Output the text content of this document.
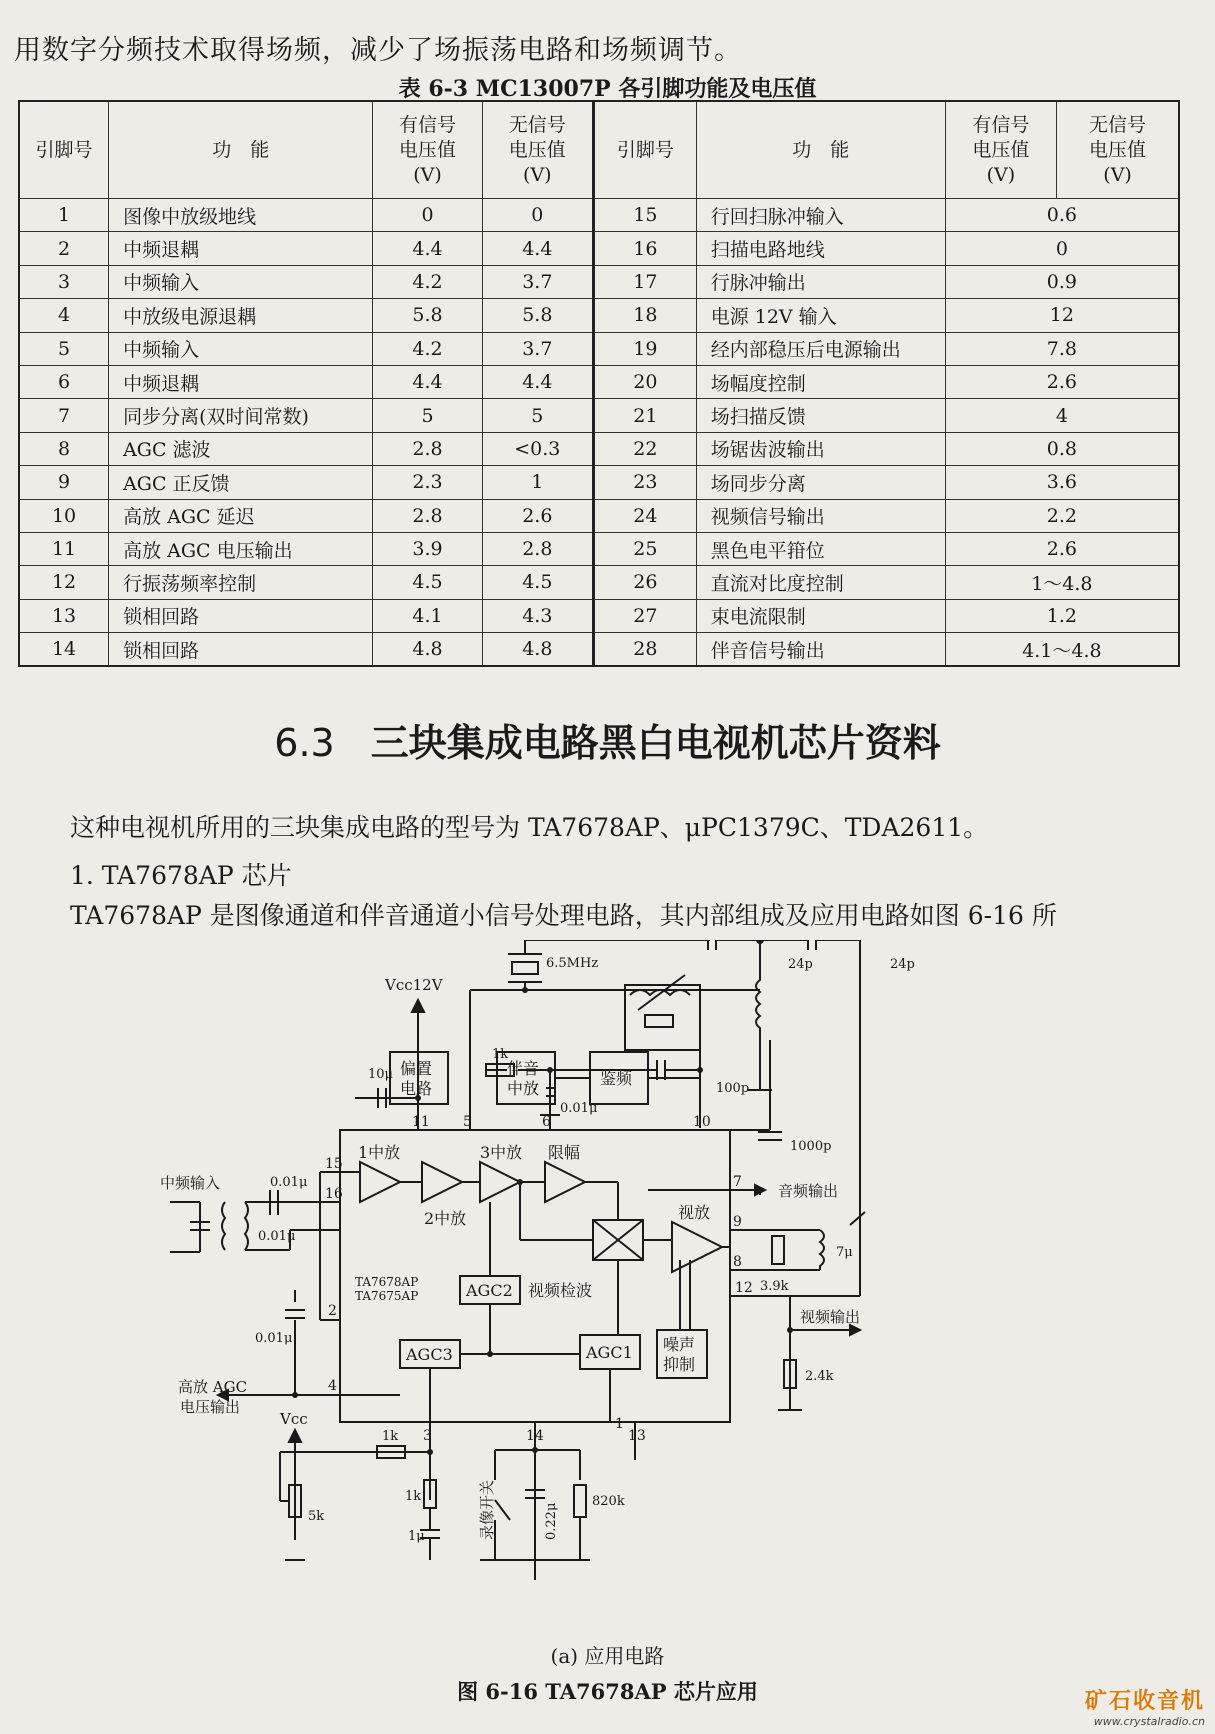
用数字分频技术取得场频，减少了场振荡电路和场频调节。
表 6-3 MC13007P 各引脚功能及电压值
引脚号	功　能	有信号
电压值
(V)	无信号
电压值
(V)	引脚号	功　能	有信号
电压值
(V)	无信号
电压值
(V)
1	图像中放级地线	0	0	15	行回扫脉冲输入	0.6	
2	中频退耦	4.4	4.4	16	扫描电路地线	0	
3	中频输入	4.2	3.7	17	行脉冲输出	0.9	
4	中放级电源退耦	5.8	5.8	18	电源 12V 输入	12	
5	中频输入	4.2	3.7	19	经内部稳压后电源输出	7.8	
6	中频退耦	4.4	4.4	20	场幅度控制	2.6	
7	同步分离(双时间常数)	5	5	21	场扫描反馈	4	
8	AGC 滤波	2.8	<0.3	22	场锯齿波输出	0.8	
9	AGC 正反馈	2.3	1	23	场同步分离	3.6	
10	高放 AGC 延迟	2.8	2.6	24	视频信号输出	2.2	
11	高放 AGC 电压输出	3.9	2.8	25	黑色电平箝位	2.6	
12	行振荡频率控制	4.5	4.5	26	直流对比度控制	1～4.8	
13	锁相回路	4.1	4.3	27	束电流限制	1.2	
14	锁相回路	4.8	4.8	28	伴音信号输出	4.1～4.8	
6.3 三块集成电路黑白电视机芯片资料
这种电视机所用的三块集成电路的型号为 TA7678AP、μPC1379C、TDA2611。
1. TA7678AP 芯片
TA7678AP 是图像通道和伴音通道小信号处理电路，其内部组成及应用电路如图 6-16 所
1
2
3
4
5	6
7
8
9
10
11
12
13
14
15
16
偏置
电路
伴音
中放
鉴频
1中放
2中放
3中放 限幅
视放
AGC2
AGC3	AGC1 噪声
抑制
视频检波
TA7678AP
TA7675AP
Vcc12V
Vcc
中频输入	音频输出
视频输出
高放 AGC
电压输出
录像开关
6.5MHz	24p	24p
1k
10μ
0.01μ
100p
1000p
0.01μ
0.01μ
7μ
3.9k
0.01μ
2.4k
1k
1k
1μ
5k	0.22μ
820k
(a) 应用电路
图 6-16 TA7678AP 芯片应用	矿石收音机
www.crystalradio.cn
